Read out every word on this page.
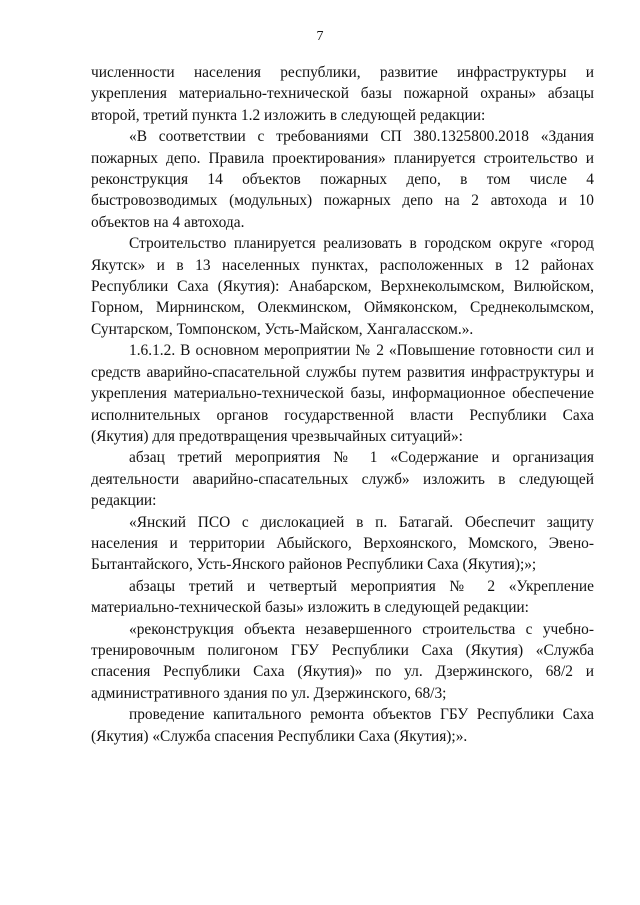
7

численности населения республики, развитие инфраструктуры и укрепления материально-технической базы пожарной охраны» абзацы второй, третий пункта 1.2 изложить в следующей редакции:

«В соответствии с требованиями СП 380.1325800.2018 «Здания пожарных депо. Правила проектирования» планируется строительство и реконструкция 14 объектов пожарных депо, в том числе 4 быстровозводимых (модульных) пожарных депо на 2 автохода и 10 объектов на 4 автохода.

Строительство планируется реализовать в городском округе «город Якутск» и в 13 населенных пунктах, расположенных в 12 районах Республики Саха (Якутия): Анабарском, Верхнеколымском, Вилюйском, Горном, Мирнинском, Олекминском, Оймяконском, Среднеколымском, Сунтарском, Томпонском, Усть-Майском, Хангаласском.».

1.6.1.2. В основном мероприятии № 2 «Повышение готовности сил и средств аварийно-спасательной службы путем развития инфраструктуры и укрепления материально-технической базы, информационное обеспечение исполнительных органов государственной власти Республики Саха (Якутия) для предотвращения чрезвычайных ситуаций»:

абзац третий мероприятия № 1 «Содержание и организация деятельности аварийно-спасательных служб» изложить в следующей редакции:

«Янский ПСО с дислокацией в п. Батагай. Обеспечит защиту населения и территории Абыйского, Верхоянского, Момского, Эвено-Бытантайского, Усть-Янского районов Республики Саха (Якутия);»;

абзацы третий и четвертый мероприятия № 2 «Укрепление материально-технической базы» изложить в следующей редакции:

«реконструкция объекта незавершенного строительства с учебно-тренировочным полигоном ГБУ Республики Саха (Якутия) «Служба спасения Республики Саха (Якутия)» по ул. Дзержинского, 68/2 и административного здания по ул. Дзержинского, 68/3;

проведение капитального ремонта объектов ГБУ Республики Саха (Якутия) «Служба спасения Республики Саха (Якутия);».
